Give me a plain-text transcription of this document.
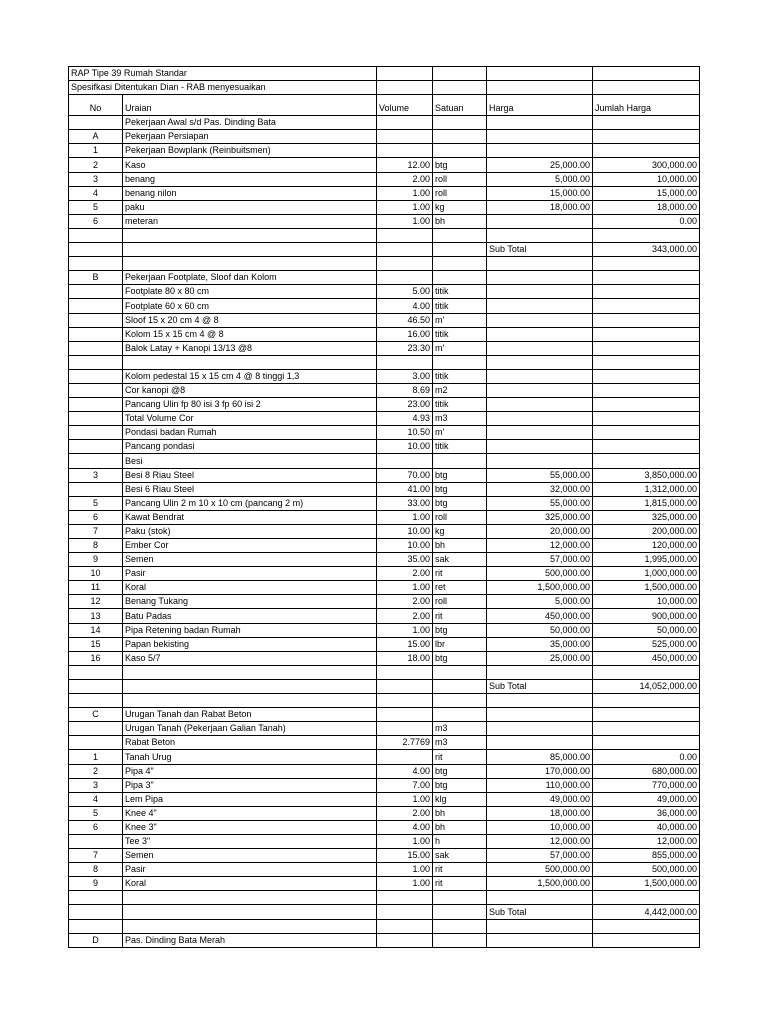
RAP Tipe 39 Rumah Standar					
Spesifkasi Ditentukan Dian - RAB menyesuaikan					
No	Uraian	Volume	Satuan	Harga	Jumlah Harga
	Pekerjaan Awal s/d Pas. Dinding Bata				
A	Pekerjaan Persiapan				
1	Pekerjaan Bowplank (Reinbuitsmen)				
2	Kaso	12.00	btg	25,000.00	300,000.00
3	benang	2.00	roll	5,000.00	10,000.00
4	benang nilon	1.00	roll	15,000.00	15,000.00
5	paku	1.00	kg	18,000.00	18,000.00
6	meteran	1.00	bh		0.00

				Sub Total	343,000.00

B	Pekerjaan Footplate, Sloof dan Kolom				
	Footplate 80 x 80 cm	5.00	titik		
	Footplate 60 x 60 cm	4.00	titik		
	Sloof 15 x 20 cm 4 @ 8	46.50	m'		
	Kolom 15 x 15 cm 4 @ 8	16.00	titik		
	Balok Latay + Kanopi 13/13 @8	23.30	m'		

	Kolom pedestal 15 x 15 cm 4 @ 8 tinggi 1,3	3.00	titik		
	Cor kanopi @8	8.69	m2		
	Pancang Ulin fp 80 isi 3 fp 60 isi 2	23.00	titik		
	Total Volume Cor	4.93	m3		
	Pondasi badan Rumah	10.50	m'		
	Pancang pondasi	10.00	titik		
	Besi				
3	Besi 8 Riau Steel	70.00	btg	55,000.00	3,850,000.00
	Besi 6 Riau Steel	41.00	btg	32,000.00	1,312,000.00
5	Pancang Ulin 2 m 10 x 10 cm (pancang 2 m)	33.00	btg	55,000.00	1,815,000.00
6	Kawat Bendrat	1.00	roll	325,000.00	325,000.00
7	Paku (stok)	10.00	kg	20,000.00	200,000.00
8	Ember Cor	10.00	bh	12,000.00	120,000.00
9	Semen	35.00	sak	57,000.00	1,995,000.00
10	Pasir	2.00	rit	500,000.00	1,000,000.00
11	Koral	1.00	ret	1,500,000.00	1,500,000.00
12	Benang Tukang	2.00	roll	5,000.00	10,000.00
13	Batu Padas	2.00	rit	450,000.00	900,000.00
14	Pipa Retening badan Rumah	1.00	btg	50,000.00	50,000.00
15	Papan bekisting	15.00	lbr	35,000.00	525,000.00
16	Kaso 5/7	18.00	btg	25,000.00	450,000.00

				Sub Total	14,052,000.00

C	Urugan Tanah dan Rabat Beton				
	Urugan Tanah (Pekerjaan Galian Tanah)		m3		
	Rabat Beton	2.7769	m3		
1	Tanah Urug		rit	85,000.00	0.00
2	Pipa 4"	4.00	btg	170,000.00	680,000.00
3	Pipa 3"	7.00	btg	110,000.00	770,000.00
4	Lem Pipa	1.00	klg	49,000.00	49,000.00
5	Knee 4"	2.00	bh	18,000.00	36,000.00
6	Knee 3"	4.00	bh	10,000.00	40,000.00
	Tee 3"	1.00	h	12,000.00	12,000.00
7	Semen	15.00	sak	57,000.00	855,000.00
8	Pasir	1.00	rit	500,000.00	500,000.00
9	Koral	1.00	rit	1,500,000.00	1,500,000.00

				Sub Total	4,442,000.00

D	Pas. Dinding Bata Merah				
